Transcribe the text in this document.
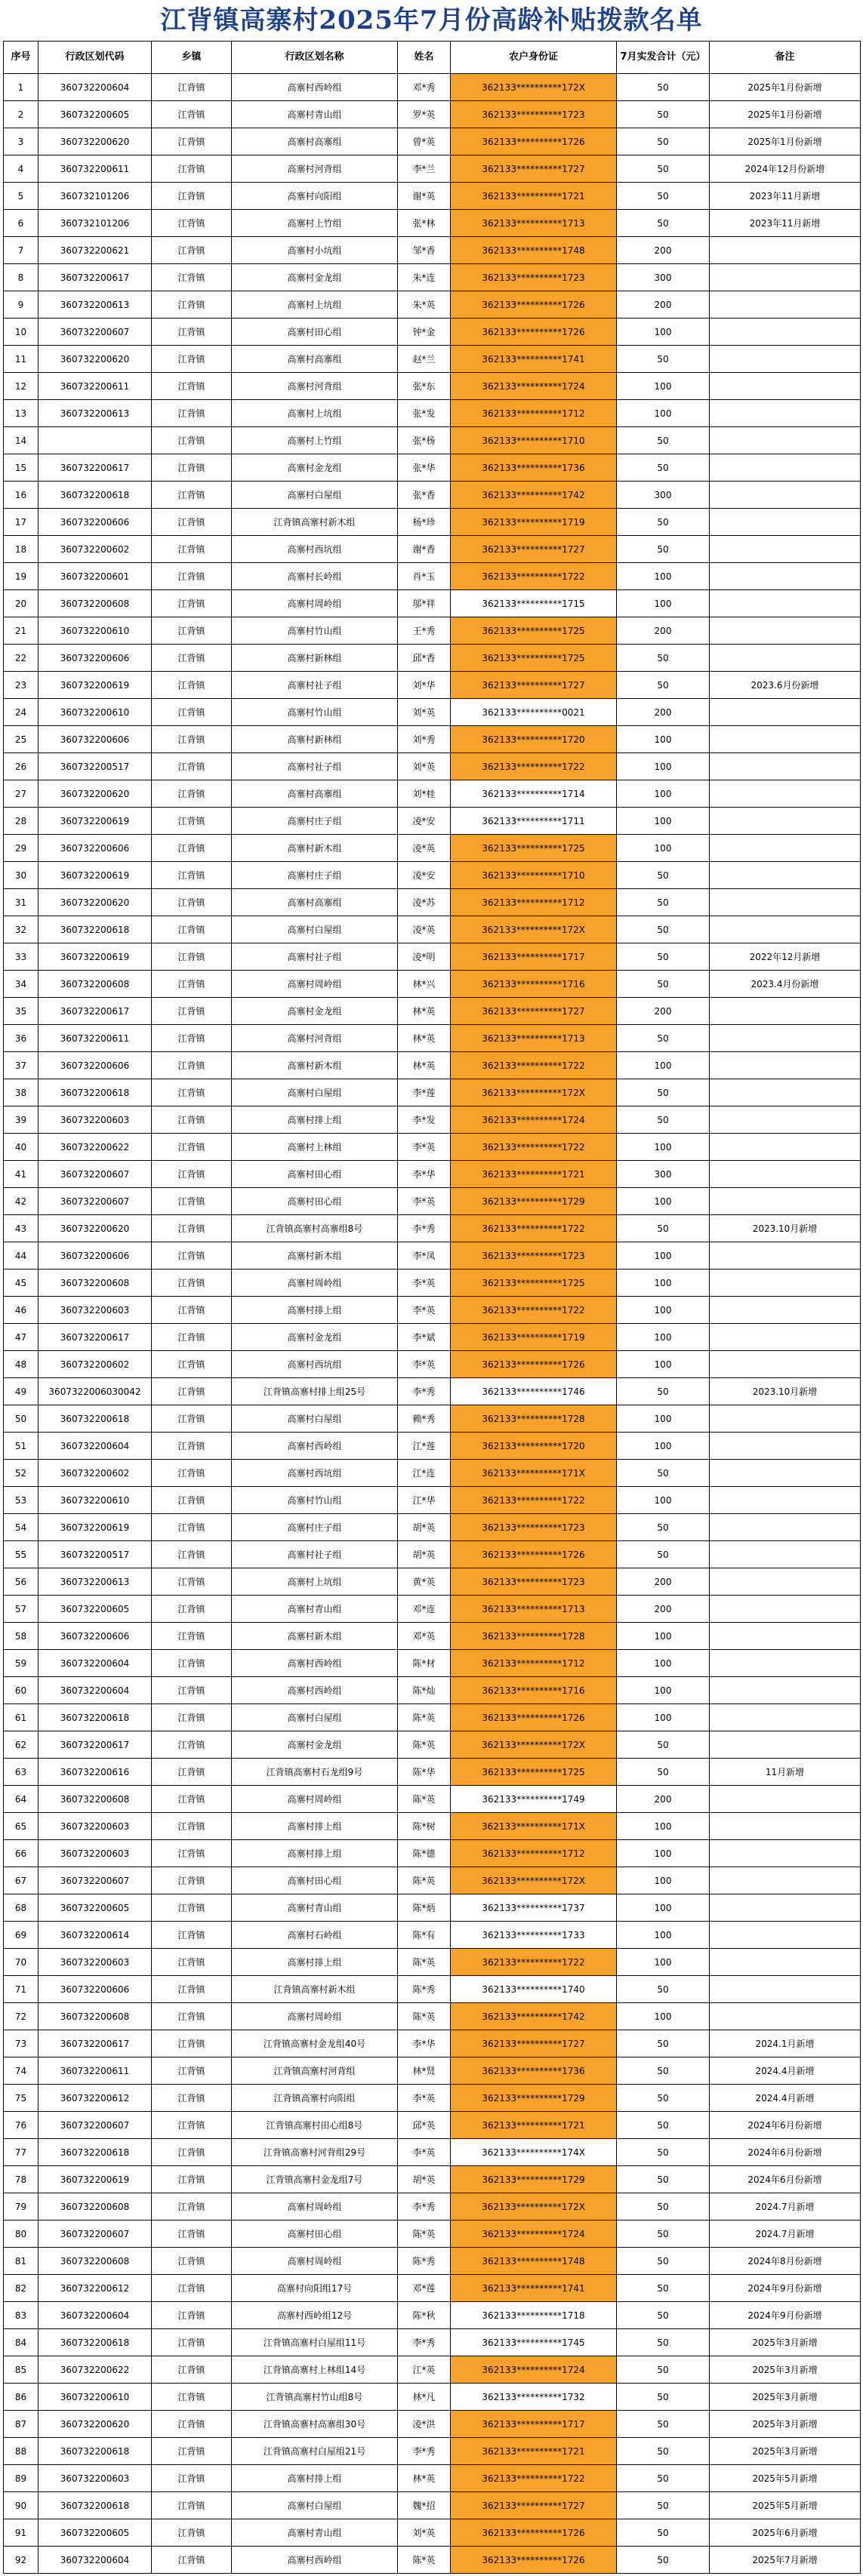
江背镇高寨村2025年7月份高龄补贴拨款名单
序号	行政区划代码	乡镇	行政区划名称	姓名	农户身份证	7月实发合计（元）	备注
1	360732200604	江背镇	高寨村西岭组	邓*秀	362133**********172X	50	2025年1月份新增
2	360732200605	江背镇	高寨村青山组	罗*英	362133**********1723	50	2025年1月份新增
3	360732200620	江背镇	高寨村高寨组	曾*英	362133**********1726	50	2025年1月份新增
4	360732200611	江背镇	高寨村河背组	李*兰	362133**********1727	50	2024年12月份新增
5	360732101206	江背镇	高寨村向阳组	谢*英	362133**********1721	50	2023年11月新增
6	360732101206	江背镇	高寨村上竹组	张*林	362133**********1713	50	2023年11月新增
7	360732200621	江背镇	高寨村小坑组	邹*香	362133**********1748	200	
8	360732200617	江背镇	高寨村金龙组	朱*连	362133**********1723	300	
9	360732200613	江背镇	高寨村上坑组	朱*英	362133**********1726	200	
10	360732200607	江背镇	高寨村田心组	钟*金	362133**********1726	100	
11	360732200620	江背镇	高寨村高寨组	赵*兰	362133**********1741	50	
12	360732200611	江背镇	高寨村河背组	张*东	362133**********1724	100	
13	360732200613	江背镇	高寨村上坑组	张*发	362133**********1712	100	
14		江背镇	高寨村上竹组	张*杨	362133**********1710	50	
15	360732200617	江背镇	高寨村金龙组	张*华	362133**********1736	50	
16	360732200618	江背镇	高寨村白屋组	张*香	362133**********1742	300	
17	360732200606	江背镇	江背镇高寨村新木组	杨*珍	362133**********1719	50	
18	360732200602	江背镇	高寨村西坑组	谢*香	362133**********1727	50	
19	360732200601	江背镇	高寨村长岭组	肖*玉	362133**********1722	100	
20	360732200608	江背镇	高寨村周岭组	邬*祥	362133**********1715	100	
21	360732200610	江背镇	高寨村竹山组	王*秀	362133**********1725	200	
22	360732200606	江背镇	高寨村新林组	邱*香	362133**********1725	50	
23	360732200619	江背镇	高寨村社子组	刘*华	362133**********1727	50	2023.6月份新增
24	360732200610	江背镇	高寨村竹山组	刘*英	362133**********0021	200	
25	360732200606	江背镇	高寨村新林组	刘*秀	362133**********1720	100	
26	360732200517	江背镇	高寨村社子组	刘*英	362133**********1722	100	
27	360732200620	江背镇	高寨村高寨组	刘*桂	362133**********1714	100	
28	360732200619	江背镇	高寨村庄子组	凌*安	362133**********1711	100	
29	360732200606	江背镇	高寨村新木组	凌*英	362133**********1725	100	
30	360732200619	江背镇	高寨村庄子组	凌*安	362133**********1710	50	
31	360732200620	江背镇	高寨村高寨组	凌*苏	362133**********1712	50	
32	360732200618	江背镇	高寨村白屋组	凌*英	362133**********172X	50	
33	360732200619	江背镇	高寨村社子组	凌*明	362133**********1717	50	2022年12月新增
34	360732200608	江背镇	高寨村周岭组	林*兴	362133**********1716	50	2023.4月份新增
35	360732200617	江背镇	高寨村金龙组	林*英	362133**********1727	200	
36	360732200611	江背镇	高寨村河背组	林*英	362133**********1713	50	
37	360732200606	江背镇	高寨村新木组	林*英	362133**********1722	100	
38	360732200618	江背镇	高寨村白屋组	李*莲	362133**********172X	50	
39	360732200603	江背镇	高寨村排上组	李*发	362133**********1724	50	
40	360732200622	江背镇	高寨村上林组	李*英	362133**********1722	100	
41	360732200607	江背镇	高寨村田心组	李*华	362133**********1721	300	
42	360732200607	江背镇	高寨村田心组	李*英	362133**********1729	100	
43	360732200620	江背镇	江背镇高寨村高寨组8号	李*秀	362133**********1722	50	2023.10月新增
44	360732200606	江背镇	高寨村新木组	李*凤	362133**********1723	100	
45	360732200608	江背镇	高寨村周岭组	李*英	362133**********1725	100	
46	360732200603	江背镇	高寨村排上组	李*英	362133**********1722	100	
47	360732200617	江背镇	高寨村金龙组	李*斌	362133**********1719	100	
48	360732200602	江背镇	高寨村西坑组	李*英	362133**********1726	100	
49	3607322006030042	江背镇	江背镇高寨村排上组25号	李*秀	362133**********1746	50	2023.10月新增
50	360732200618	江背镇	高寨村白屋组	赖*秀	362133**********1728	100	
51	360732200604	江背镇	高寨村西岭组	江*莲	362133**********1720	100	
52	360732200602	江背镇	高寨村西坑组	江*连	362133**********171X	50	
53	360732200610	江背镇	高寨村竹山组	江*华	362133**********1722	100	
54	360732200619	江背镇	高寨村庄子组	胡*英	362133**********1723	50	
55	360732200517	江背镇	高寨村社子组	胡*英	362133**********1726	50	
56	360732200613	江背镇	高寨村上坑组	黄*英	362133**********1723	200	
57	360732200605	江背镇	高寨村青山组	邓*连	362133**********1713	200	
58	360732200606	江背镇	高寨村新木组	邓*英	362133**********1728	100	
59	360732200604	江背镇	高寨村西岭组	陈*材	362133**********1712	100	
60	360732200604	江背镇	高寨村西岭组	陈*灿	362133**********1716	100	
61	360732200618	江背镇	高寨村白屋组	陈*英	362133**********1726	100	
62	360732200617	江背镇	高寨村金龙组	陈*英	362133**********172X	50	
63	360732200616	江背镇	江背镇高寨村石龙组9号	陈*华	362133**********1725	50	11月新增
64	360732200608	江背镇	高寨村周岭组	陈*英	362133**********1749	200	
65	360732200603	江背镇	高寨村排上组	陈*树	362133**********171X	100	
66	360732200603	江背镇	高寨村排上组	陈*德	362133**********1712	100	
67	360732200607	江背镇	高寨村田心组	陈*英	362133**********172X	100	
68	360732200605	江背镇	高寨村青山组	陈*炳	362133**********1737	100	
69	360732200614	江背镇	高寨村石岭组	陈*有	362133**********1733	100	
70	360732200603	江背镇	高寨村排上组	陈*英	362133**********1722	100	
71	360732200606	江背镇	江背镇高寨村新木组	陈*秀	362133**********1740	50	
72	360732200608	江背镇	高寨村周岭组	陈*英	362133**********1742	100	
73	360732200617	江背镇	江背镇高寨村金龙组40号	李*华	362133**********1727	50	2024.1月新增
74	360732200611	江背镇	江背镇高寨村河背组	林*贤	362133**********1736	50	2024.4月新增
75	360732200612	江背镇	江背镇高寨村向阳组	李*英	362133**********1729	50	2024.4月新增
76	360732200607	江背镇	江背镇高寨村田心组8号	邱*英	362133**********1721	50	2024年6月份新增
77	360732200618	江背镇	江背镇高寨村河背组29号	李*英	362133**********174X	50	2024年6月份新增
78	360732200619	江背镇	江背镇高寨村金龙组7号	胡*英	362133**********1729	50	2024年6月份新增
79	360732200608	江背镇	高寨村周岭组	李*秀	362133**********172X	50	2024.7月新增
80	360732200607	江背镇	高寨村田心组	陈*英	362133**********1724	50	2024.7月新增
81	360732200608	江背镇	高寨村周岭组	陈*秀	362133**********1748	50	2024年8月份新增
82	360732200612	江背镇	高寨村向阳组17号	邓*莲	362133**********1741	50	2024年9月份新增
83	360732200604	江背镇	高寨村西岭组12号	陈*秋	362133**********1718	50	2024年9月份新增
84	360732200618	江背镇	江背镇高寨村白屋组11号	李*秀	362133**********1745	50	2025年3月新增
85	360732200622	江背镇	江背镇高寨村上林组14号	江*英	362133**********1724	50	2025年3月新增
86	360732200610	江背镇	江背镇高寨村竹山组8号	林*凡	362133**********1732	50	2025年3月新增
87	360732200620	江背镇	江背镇高寨村高寨组30号	凌*洪	362133**********1717	50	2025年3月新增
88	360732200618	江背镇	江背镇高寨村白屋组21号	李*秀	362133**********1721	50	2025年3月新增
89	360732200603	江背镇	高寨村排上组	林*英	362133**********1722	50	2025年5月新增
90	360732200618	江背镇	高寨村白屋组	魏*招	362133**********1727	50	2025年5月新增
91	360732200605	江背镇	高寨村青山组	刘*英	362133**********1726	50	2025年6月新增
92	360732200604	江背镇	高寨村西岭组	陈*英	362133**********1726	50	2025年7月新增
